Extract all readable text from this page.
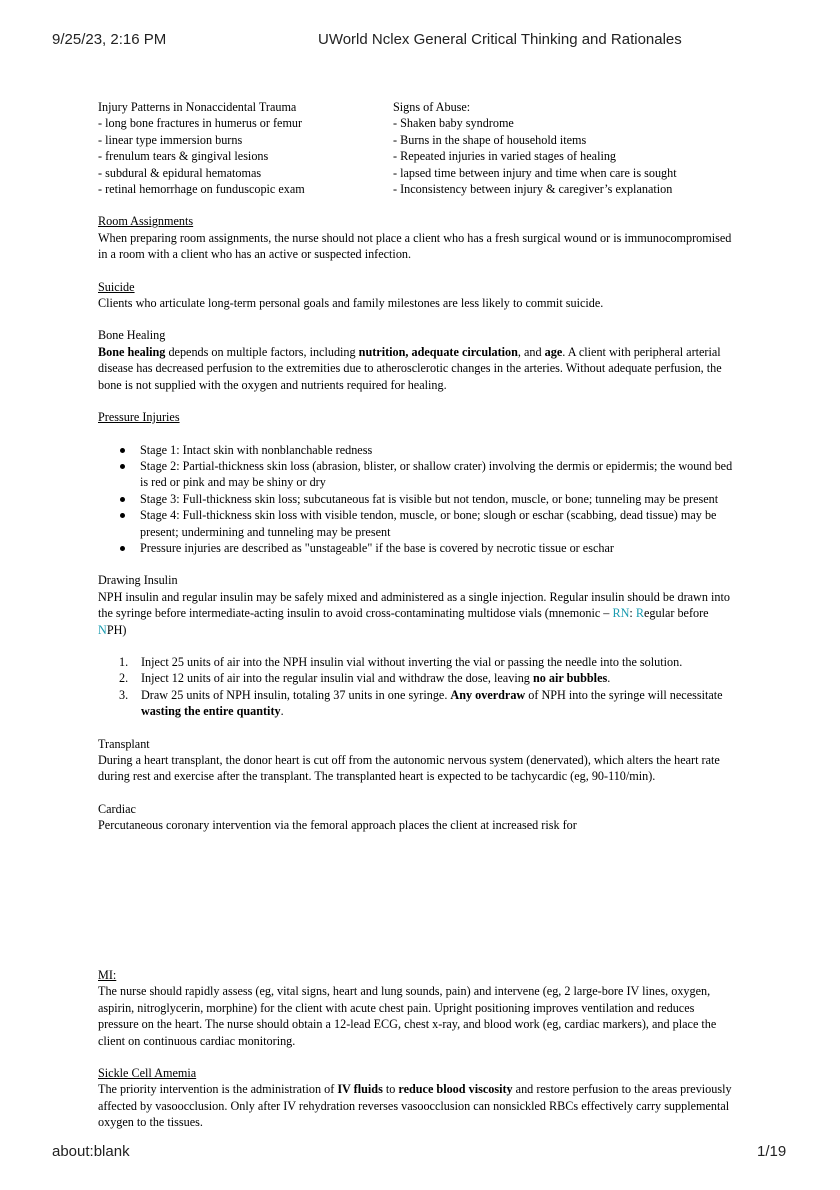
9/25/23, 2:16 PM	UWorld Nclex General Critical Thinking and Rationales
about:blank	1/19

Injury Patterns in Nonaccidental Trauma

- long bone fractures in humerus or femur

- linear type immersion burns

- frenulum tears & gingival lesions

- subdural & epidural hematomas

- retinal hemorrhage on funduscopic exam

Signs of Abuse:

- Shaken baby syndrome

- Burns in the shape of household items

- Repeated injuries in varied stages of healing

- lapsed time between injury and time when care is sought

- Inconsistency between injury & caregiver’s explanation

Room Assignments

When preparing room assignments, the nurse should not place a client who has a fresh surgical wound or is immunocompromised in a room with a client who has an active or suspected infection.

Suicide

Clients who articulate long-term personal goals and family milestones are less likely to commit suicide.

Bone Healing

Bone healing depends on multiple factors, including nutrition, adequate circulation, and age. A client with peripheral arterial disease has decreased perfusion to the extremities due to atherosclerotic changes in the arteries. Without adequate perfusion, the bone is not supplied with the oxygen and nutrients required for healing.

Pressure Injuries

Stage 1: Intact skin with nonblanchable redness
Stage 2: Partial-thickness skin loss (abrasion, blister, or shallow crater) involving the dermis or epidermis; the wound bed is red or pink and may be shiny or dry
Stage 3: Full-thickness skin loss; subcutaneous fat is visible but not tendon, muscle, or bone; tunneling may be present
Stage 4: Full-thickness skin loss with visible tendon, muscle, or bone; slough or eschar (scabbing, dead tissue) may be present; undermining and tunneling may be present
Pressure injuries are described as "unstageable" if the base is covered by necrotic tissue or eschar

Drawing Insulin

NPH insulin and regular insulin may be safely mixed and administered as a single injection. Regular insulin should be drawn into the syringe before intermediate-acting insulin to avoid cross-contaminating multidose vials (mnemonic – RN: Regular before NPH)

1. Inject 25 units of air into the NPH insulin vial without inverting the vial or passing the needle into the solution.
2. Inject 12 units of air into the regular insulin vial and withdraw the dose, leaving no air bubbles.
3. Draw 25 units of NPH insulin, totaling 37 units in one syringe. Any overdraw of NPH into the syringe will necessitate wasting the entire quantity.

Transplant

During a heart transplant, the donor heart is cut off from the autonomic nervous system (denervated), which alters the heart rate during rest and exercise after the transplant. The transplanted heart is expected to be tachycardic (eg, 90-110/min).

Cardiac

Percutaneous coronary intervention via the femoral approach places the client at increased risk for

MI:

The nurse should rapidly assess (eg, vital signs, heart and lung sounds, pain) and intervene (eg, 2 large-bore IV lines, oxygen, aspirin, nitroglycerin, morphine) for the client with acute chest pain. Upright positioning improves ventilation and reduces pressure on the heart. The nurse should obtain a 12-lead ECG, chest x-ray, and blood work (eg, cardiac markers), and place the client on continuous cardiac monitoring.

Sickle Cell Amemia

The priority intervention is the administration of IV fluids to reduce blood viscosity and restore perfusion to the areas previously affected by vasoocclusion. Only after IV rehydration reverses vasoocclusion can nonsickled RBCs effectively carry supplemental oxygen to the tissues.
